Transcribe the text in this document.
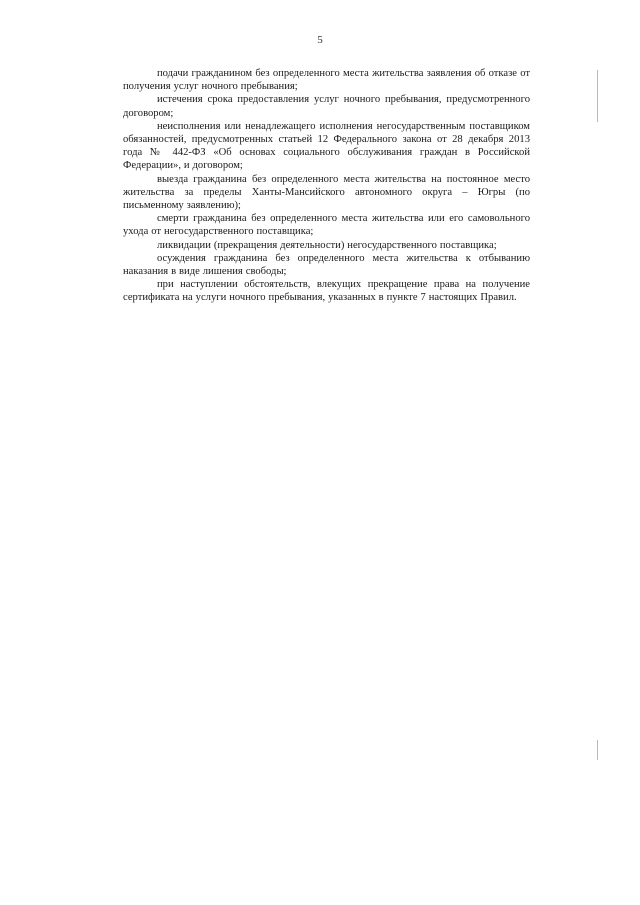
5

подачи гражданином без определенного места жительства заявления об отказе от получения услуг ночного пребывания;

истечения срока предоставления услуг ночного пребывания, предусмотренного договором;

неисполнения или ненадлежащего исполнения негосударственным поставщиком обязанностей, предусмотренных статьей 12 Федерального закона от 28 декабря 2013 года № 442-ФЗ «Об основах социального обслуживания граждан в Российской Федерации», и договором;

выезда гражданина без определенного места жительства на постоянное место жительства за пределы Ханты-Мансийского автономного округа – Югры (по письменному заявлению);

смерти гражданина без определенного места жительства или его самовольного ухода от негосударственного поставщика;

ликвидации (прекращения деятельности) негосударственного поставщика;

осуждения гражданина без определенного места жительства к отбыванию наказания в виде лишения свободы;

при наступлении обстоятельств, влекущих прекращение права на получение сертификата на услуги ночного пребывания, указанных в пункте 7 настоящих Правил.
